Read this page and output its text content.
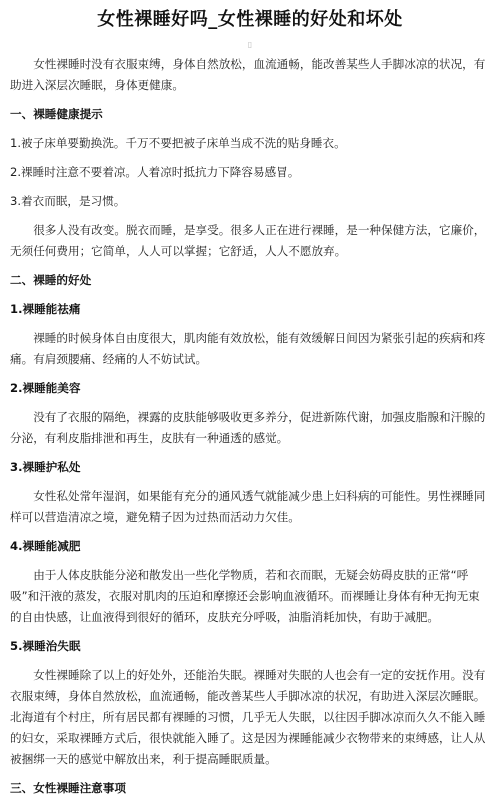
女性裸睡好吗_女性裸睡的好处和坏处
▯

女性裸睡时没有衣服束缚，身体自然放松，血流通畅，能改善某些人手脚冰凉的状况，有助进入深层次睡眠，身体更健康。

一、裸睡健康提示

1.被子床单要勤换洗。千万不要把被子床单当成不洗的贴身睡衣。

2.裸睡时注意不要着凉。人着凉时抵抗力下降容易感冒。

3.着衣而眠，是习惯。

很多人没有改变。脱衣而睡，是享受。很多人正在进行裸睡，是一种保健方法，它廉价，无须任何费用；它简单，人人可以掌握；它舒适，人人不愿放弃。

二、裸睡的好处

1.裸睡能祛痛

裸睡的时候身体自由度很大，肌肉能有效放松，能有效缓解日间因为紧张引起的疾病和疼痛。有肩颈腰痛、经痛的人不妨试试。

2.裸睡能美容

没有了衣服的隔绝，裸露的皮肤能够吸收更多养分，促进新陈代谢，加强皮脂腺和汗腺的分泌，有利皮脂排泄和再生，皮肤有一种通透的感觉。

3.裸睡护私处

女性私处常年湿润，如果能有充分的通风透气就能减少患上妇科病的可能性。男性裸睡同样可以营造清凉之境，避免精子因为过热而活动力欠佳。

4.裸睡能减肥

由于人体皮肤能分泌和散发出一些化学物质，若和衣而眠，无疑会妨碍皮肤的正常“呼吸”和汗液的蒸发，衣服对肌肉的压迫和摩擦还会影响血液循环。而裸睡让身体有种无拘无束的自由快感，让血液得到很好的循环，皮肤充分呼吸，油脂消耗加快，有助于减肥。

5.裸睡治失眠

女性裸睡除了以上的好处外，还能治失眠。裸睡对失眠的人也会有一定的安抚作用。没有衣服束缚，身体自然放松，血流通畅，能改善某些人手脚冰凉的状况，有助进入深层次睡眠。北海道有个村庄，所有居民都有裸睡的习惯，几乎无人失眠，以往因手脚冰凉而久久不能入睡的妇女，采取裸睡方式后，很快就能入睡了。这是因为裸睡能减少衣物带来的束缚感，让人从被捆绑一天的感觉中解放出来，利于提高睡眠质量。

三、女性裸睡注意事项
